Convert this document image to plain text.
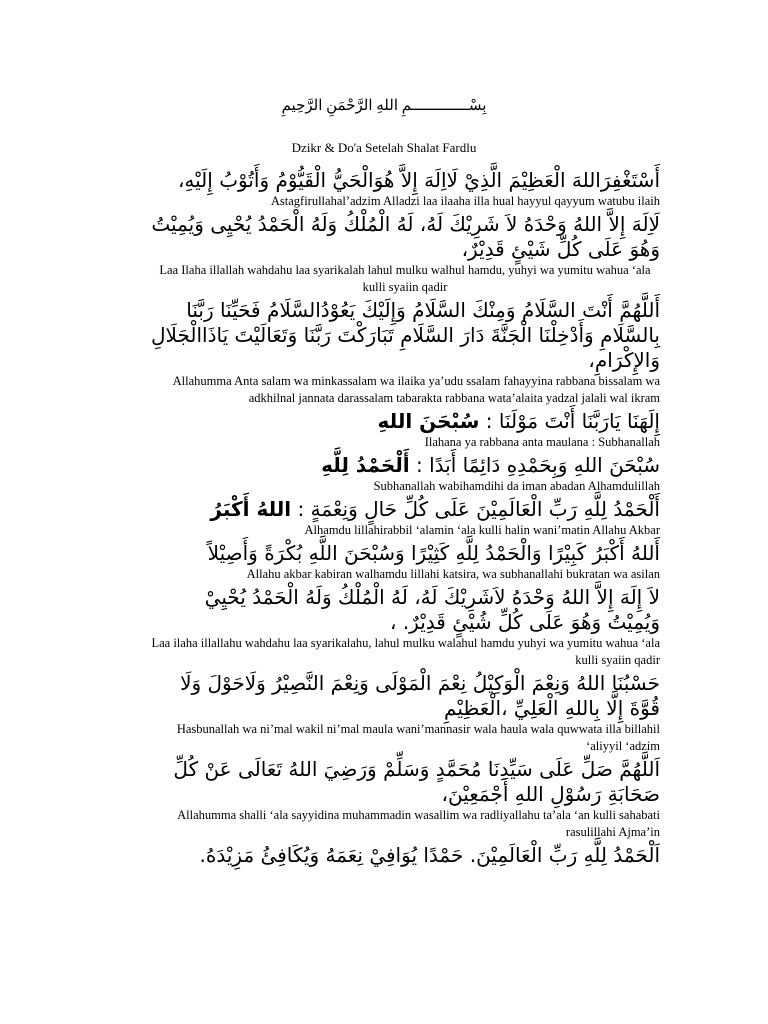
بِسْـــــــــــــمِ اللهِ الرَّحْمَنِ الرَّحِيمِ
Dzikr & Do'a Setelah Shalat Fardlu

أَسْتَغْفِرَاللهَ الْعَظِيْمَ الَّذِيْ لَااِلَهَ إِلاَّ هُوَالْحَيُّ الْقَيُّوْمُ وَأَتُوْبُ إِلَيْهِ،

Astagfirullahal’adzim Alladzi laa ilaaha illa hual hayyul qayyum watubu ilaih

لَاِلَهَ إِلاَّ اللهُ وَحْدَهُ لاَ شَرِيْكَ لَهُ، لَهُ الْمُلْكُ وَلَهُ الْحَمْدُ يُحْيِى وَيُمِيْتُ وَهُوَ عَلَى كُلِّ شَيْئٍ قَدِيْرٌ،

Laa Ilaha illallah wahdahu laa syarikalah lahul mulku walhul hamdu, yuhyi wa yumitu wahua ‘ala kulli syaiin qadir

أَللَّهُمَّ أَنْتَ السَّلَامُ وَمِنْكَ السَّلَامُ وَإِلَيْكَ يَعُوْدُالسَّلَامُ فَحَيِّنَا رَبَّنَا بِالسَّلَامِ وَأَدْخِلْنَا الْجَنَّةَ دَارَ السَّلَامِ تَبَارَكْتَ رَبَّنَا وَتَعَالَيْتَ يَاذَاالْجَلَالِ وَالإِكْرَامِ،

Allahumma Anta salam wa minkassalam wa ilaika ya’udu ssalam fahayyina rabbana bissalam wa adkhilnal jannata darassalam tabarakta rabbana wata’alaita yadzal jalali wal ikram

إِلَهَنَا يَارَبَّنَا أَنْتَ مَوْلَنَا : سُبْحَنَ اللهِ

Ilahana ya rabbana anta maulana : Subhanallah

سُبْحَنَ اللهِ وَبِحَمْدِهِ دَائِمًا أَبَدًا : أَلْحَمْدُ لِلَّهِ

Subhanallah wabihamdihi da iman abadan Alhamdulillah

أَلْحَمْدُ لِلَّهِ رَبِّ الْعَالَمِيْنَ عَلَى كُلِّ حَالٍ وَنِعْمَةٍ : اللهُ أَكْبَرُ

Alhamdu lillahirabbil ‘alamin ‘ala kulli halin wani’matin Allahu Akbar

أَللهُ أَكْبَرُ كَبِيْرًا وَالْحَمْدُ لِلَّهِ كَثِيْرًا وَسُبْحَنَ اللَّهِ بُكْرَةً وَأَصِيْلاً

Allahu akbar kabiran walhamdu lillahi katsira, wa subhanallahi bukratan wa asilan

لاَ إِلَهَ إِلاَّ اللهُ وَحْدَهُ لاَشَرِيْكَ لَهُ، لَهُ الْمُلْكُ وَلَهُ الْحَمْدُ يُحْيِيْ وَيُمِيْتُ وَهُوَ عَلَى كُلِّ شُيْئٍ قَدِيْرٌ. ،

Laa ilaha illallahu wahdahu laa syarikalahu, lahul mulku walahul hamdu yuhyi wa yumitu wahua ‘ala kulli syaiin qadir

حَسْبُنَا اللهُ وَنِعْمَ الْوَكِيْلُ نِعْمَ الْمَوْلَى وَنِعْمَ النَّصِيْرُ وَلَاحَوْلَ وَلَا قُوَّةَ إِلَّا بِاللهِ الْعَلِيِّ ،الْعَظِيْمِ

Hasbunallah wa ni’mal wakil ni’mal maula wani’mannasir wala haula wala quwwata illa billahil ‘aliyyil ‘adzim

اَللَّهُمَّ صَلِّ عَلَى سَيِّدِنَا مُحَمَّدٍ وَسَلِّمْ وَرَضِيَ اللهُ تَعَالَى عَنْ كُلِّ صَحَابَةِ رَسُوْلِ اللهِ أَجْمَعِيْنَ،

Allahumma shalli ‘ala sayyidina muhammadin wasallim wa radliyallahu ta’ala ‘an kulli sahabati rasulillahi Ajma’in

اَلْحَمْدُ لِلَّهِ رَبِّ الْعَالَمِيْنَ. حَمْدًا يُوَافِيْ نِعَمَهُ وَيُكَافِئُ مَزِيْدَهُ.
